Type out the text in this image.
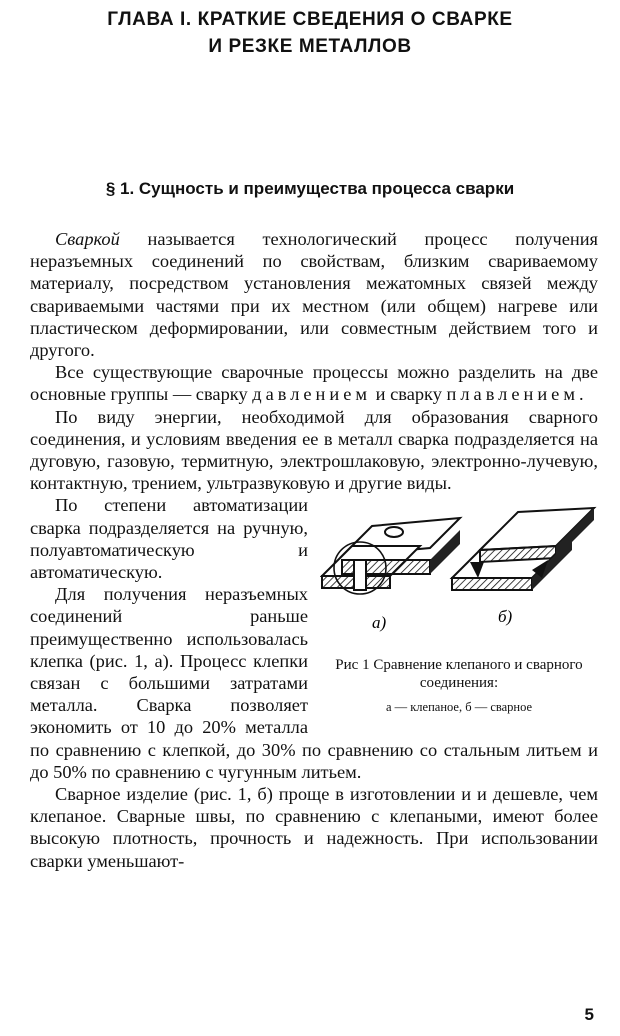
ГЛАВА I. КРАТКИЕ СВЕДЕНИЯ О СВАРКЕ
И РЕЗКЕ МЕТАЛЛОВ
§ 1. Сущность и преимущества процесса сварки

Сваркой называется технологический процесс получения неразъемных соединений по свойствам, близким свариваемому материалу, посредством установления межатомных связей между свариваемыми частями при их местном (или общем) нагреве или пластическом деформировании, или совместным действием того и другого.

Все существующие сварочные процессы можно разделить на две основные группы — сварку давлением и сварку плавлением.

По виду энергии, необходимой для образования сварного соединения, и условиям введения ее в металл сварка подразделяется на дуговую, газовую, термитную, электрошлаковую, электронно-лучевую, контактную, трением, ультразвуковую и другие виды.

а)	б)
Рис 1 Сравнение клепаного и сварного соединения:
а — клепаное, б — сварное

По степени автоматизации сварка подразделяется на ручную, полуавтоматическую и автоматическую.

Для получения неразъемных соединений раньше преимущественно использовалась клепка (рис. 1, а). Процесс клепки связан с большими затратами металла. Сварка позволяет экономить от 10 до 20% металла по сравнению с клепкой, до 30% по сравнению со стальным литьем и до 50% по сравнению с чугунным литьем.

Сварное изделие (рис. 1, б) проще в изготовлении и и дешевле, чем клепаное. Сварные швы, по сравнению с клепаными, имеют более высокую плотность, прочность и надежность. При использовании сварки уменьшают-

5
